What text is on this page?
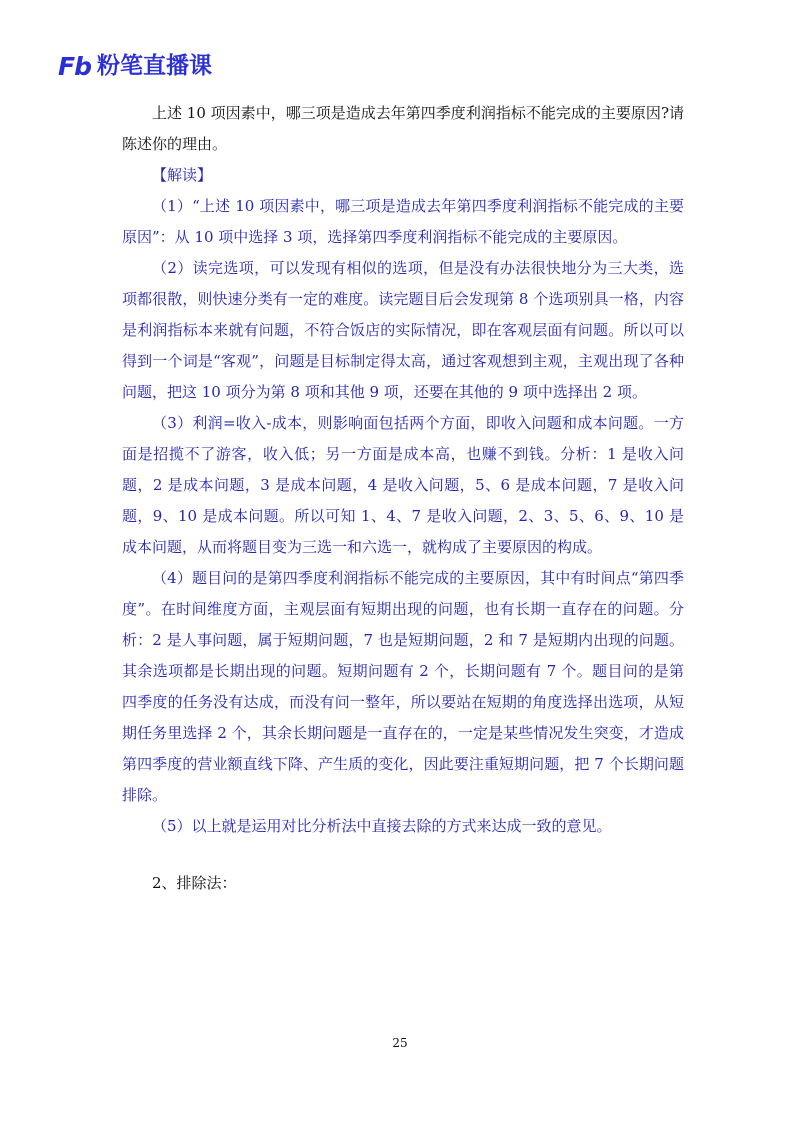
Fb 粉笔直播课

上述 10 项因素中，哪三项是造成去年第四季度利润指标不能完成的主要原因?请陈述你的理由。

【解读】

（1）“上述 10 项因素中，哪三项是造成去年第四季度利润指标不能完成的主要原因”：从 10 项中选择 3 项，选择第四季度利润指标不能完成的主要原因。

（2）读完选项，可以发现有相似的选项，但是没有办法很快地分为三大类，选项都很散，则快速分类有一定的难度。读完题目后会发现第 8 个选项别具一格，内容是利润指标本来就有问题，不符合饭店的实际情况，即在客观层面有问题。所以可以得到一个词是“客观”，问题是目标制定得太高，通过客观想到主观，主观出现了各种问题，把这 10 项分为第 8 项和其他 9 项，还要在其他的 9 项中选择出 2 项。

（3）利润=收入-成本，则影响面包括两个方面，即收入问题和成本问题。一方面是招揽不了游客，收入低；另一方面是成本高，也赚不到钱。分析：1 是收入问题，2 是成本问题，3 是成本问题，4 是收入问题，5、6 是成本问题，7 是收入问题，9、10 是成本问题。所以可知 1、4、7 是收入问题，2、3、5、6、9、10 是成本问题，从而将题目变为三选一和六选一，就构成了主要原因的构成。

（4）题目问的是第四季度利润指标不能完成的主要原因，其中有时间点“第四季度”。在时间维度方面，主观层面有短期出现的问题，也有长期一直存在的问题。分析：2 是人事问题，属于短期问题，7 也是短期问题，2 和 7 是短期内出现的问题。其余选项都是长期出现的问题。短期问题有 2 个，长期问题有 7 个。题目问的是第四季度的任务没有达成，而没有问一整年，所以要站在短期的角度选择出选项，从短期任务里选择 2 个，其余长期问题是一直存在的，一定是某些情况发生突变，才造成第四季度的营业额直线下降、产生质的变化，因此要注重短期问题，把 7 个长期问题排除。

（5）以上就是运用对比分析法中直接去除的方式来达成一致的意见。

2、排除法：

25
